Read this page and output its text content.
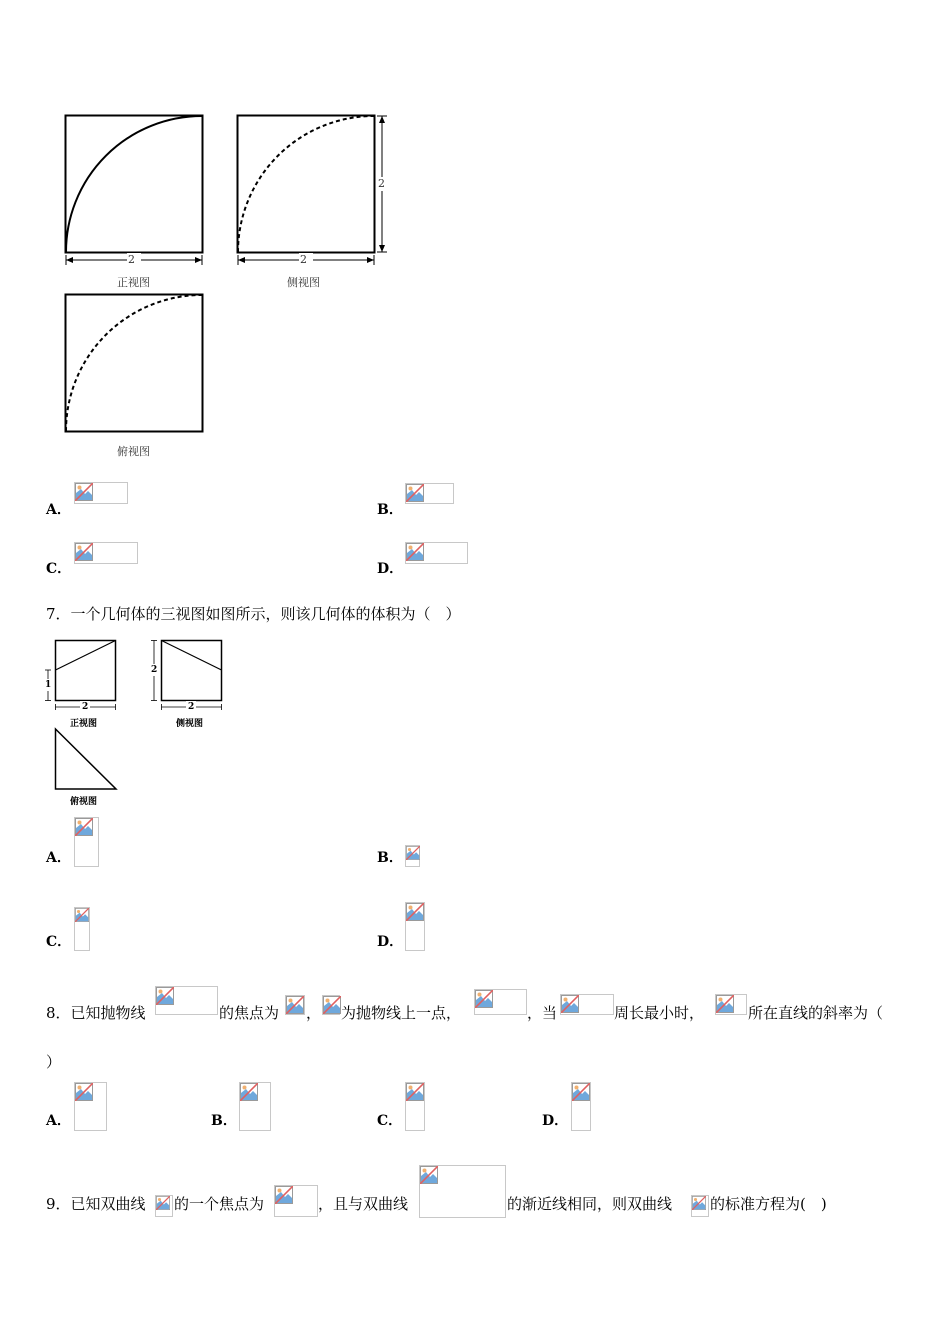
2
正视图
2
2
侧视图
俯视图
A．	B．
C．	D．
7．一个几何体的三视图如图所示，则该几何体的体积为（　）
1
2
正视图
2
2
侧视图
俯视图
A．	B．
C．	D．
8．已知抛物线	的焦点为 ， 为抛物线上一点，	，当	周长最小时，	所在直线的斜率为（
）
A．	B．	C．	D．
9．已知双曲线 的一个焦点为	，且与双曲线	的渐近线相同，则双曲线	的标准方程为(　)
